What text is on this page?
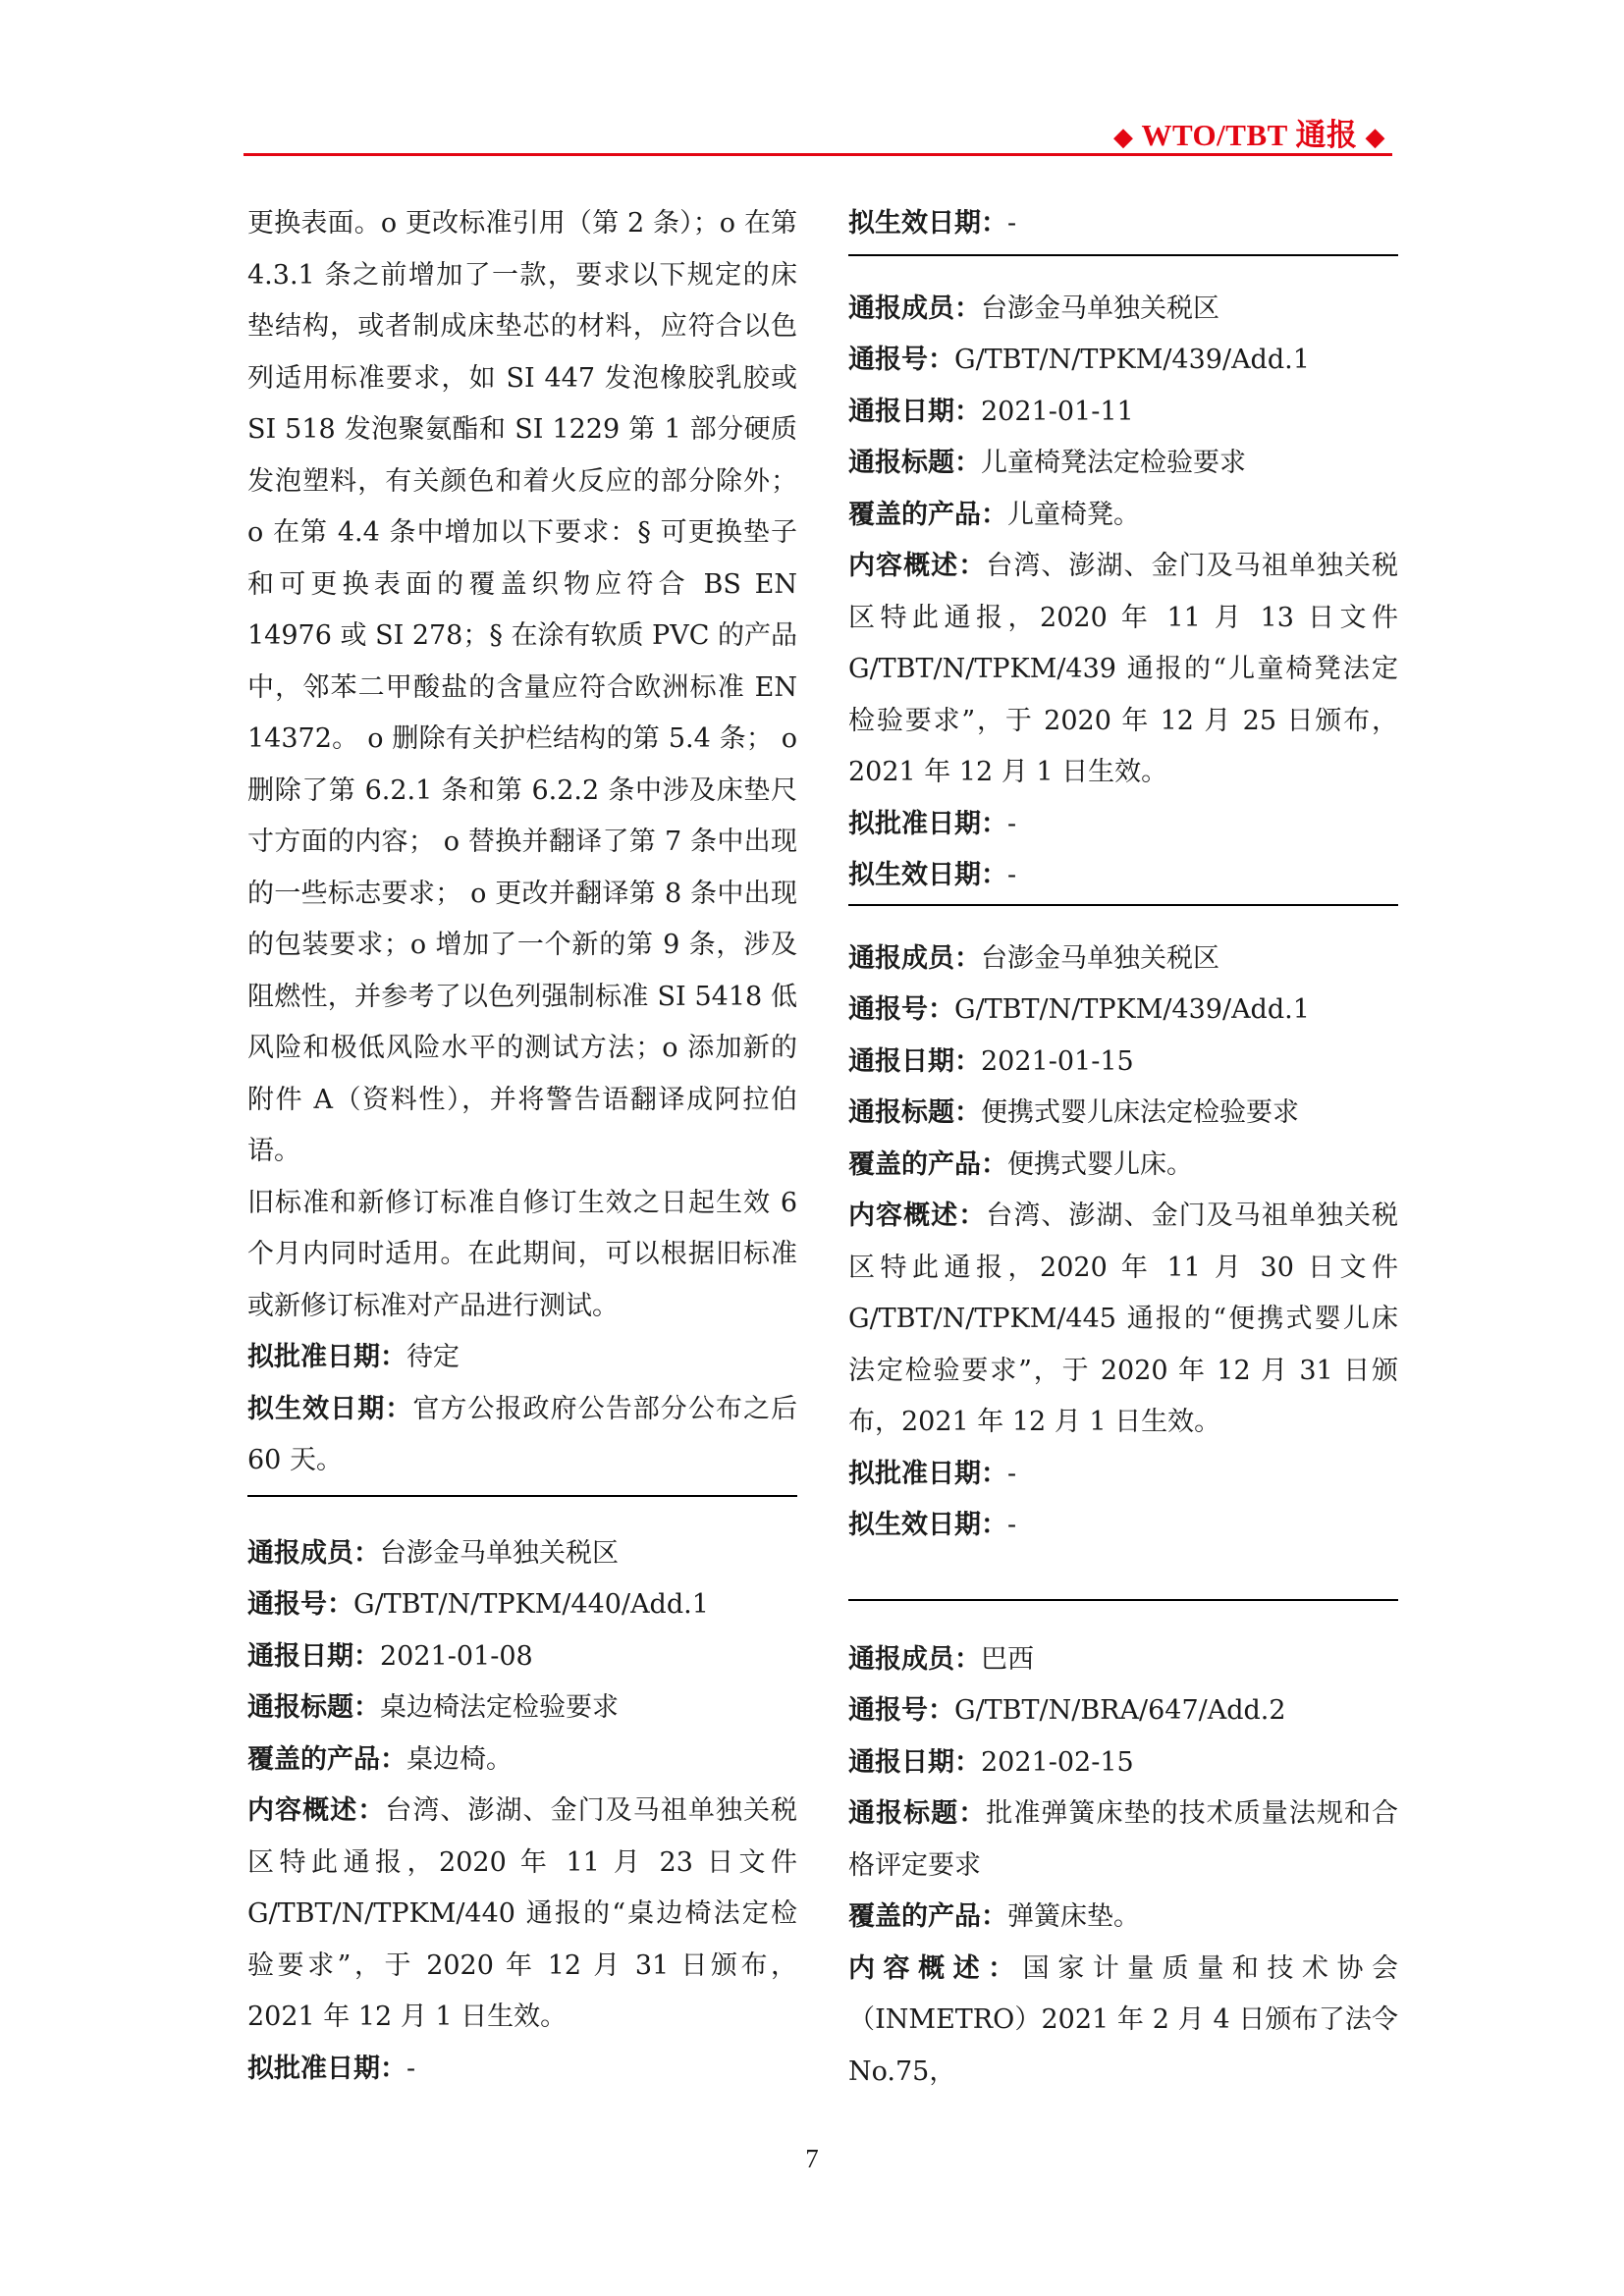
◆ WTO/TBT 通报 ◆
更换表面。o 更改标准引用（第 2 条）；o 在第 4.3.1 条之前增加了一款，要求以下规定的床垫结构，或者制成床垫芯的材料，应符合以色列适用标准要求，如 SI 447 发泡橡胶乳胶或 SI 518 发泡聚氨酯和 SI 1229 第 1 部分硬质发泡塑料，有关颜色和着火反应的部分除外； o 在第 4.4 条中增加以下要求：§ 可更换垫子和可更换表面的覆盖织物应符合 BS EN 14976 或 SI 278；§ 在涂有软质 PVC 的产品中，邻苯二甲酸盐的含量应符合欧洲标准 EN 14372。 o 删除有关护栏结构的第 5.4 条； o 删除了第 6.2.1 条和第 6.2.2 条中涉及床垫尺寸方面的内容； o 替换并翻译了第 7 条中出现的一些标志要求； o 更改并翻译第 8 条中出现的包装要求；o 增加了一个新的第 9 条，涉及阻燃性，并参考了以色列强制标准 SI 5418 低风险和极低风险水平的测试方法；o 添加新的附件 A（资料性），并将警告语翻译成阿拉伯语。
旧标准和新修订标准自修订生效之日起生效 6 个月内同时适用。在此期间，可以根据旧标准或新修订标准对产品进行测试。
拟批准日期：待定
拟生效日期：官方公报政府公告部分公布之后 60 天。
通报成员：台澎金马单独关税区
通报号：G/TBT/N/TPKM/440/Add.1
通报日期：2021-01-08
通报标题：桌边椅法定检验要求
覆盖的产品：桌边椅。
内容概述：台湾、澎湖、金门及马祖单独关税区特此通报，2020 年 11 月 23 日文件 G/TBT/N/TPKM/440 通报的“桌边椅法定检验要求”，于 2020 年 12 月 31 日颁布，2021 年 12 月 1 日生效。
拟批准日期：-
拟生效日期：-
通报成员：台澎金马单独关税区
通报号：G/TBT/N/TPKM/439/Add.1
通报日期：2021-01-11
通报标题：儿童椅凳法定检验要求
覆盖的产品：儿童椅凳。
内容概述：台湾、澎湖、金门及马祖单独关税区特此通报，2020 年 11 月 13 日文件 G/TBT/N/TPKM/439 通报的“儿童椅凳法定检验要求”，于 2020 年 12 月 25 日颁布，2021 年 12 月 1 日生效。
拟批准日期：-
拟生效日期：-
通报成员：台澎金马单独关税区
通报号：G/TBT/N/TPKM/439/Add.1
通报日期：2021-01-15
通报标题：便携式婴儿床法定检验要求
覆盖的产品：便携式婴儿床。
内容概述：台湾、澎湖、金门及马祖单独关税区特此通报，2020 年 11 月 30 日文件 G/TBT/N/TPKM/445 通报的“便携式婴儿床法定检验要求”，于 2020 年 12 月 31 日颁布，2021 年 12 月 1 日生效。
拟批准日期：-
拟生效日期：-
通报成员：巴西
通报号：G/TBT/N/BRA/647/Add.2
通报日期：2021-02-15
通报标题：批准弹簧床垫的技术质量法规和合格评定要求
覆盖的产品：弹簧床垫。
内容概述：国家计量质量和技术协会（INMETRO）2021 年 2 月 4 日颁布了法令 No.75，
7
